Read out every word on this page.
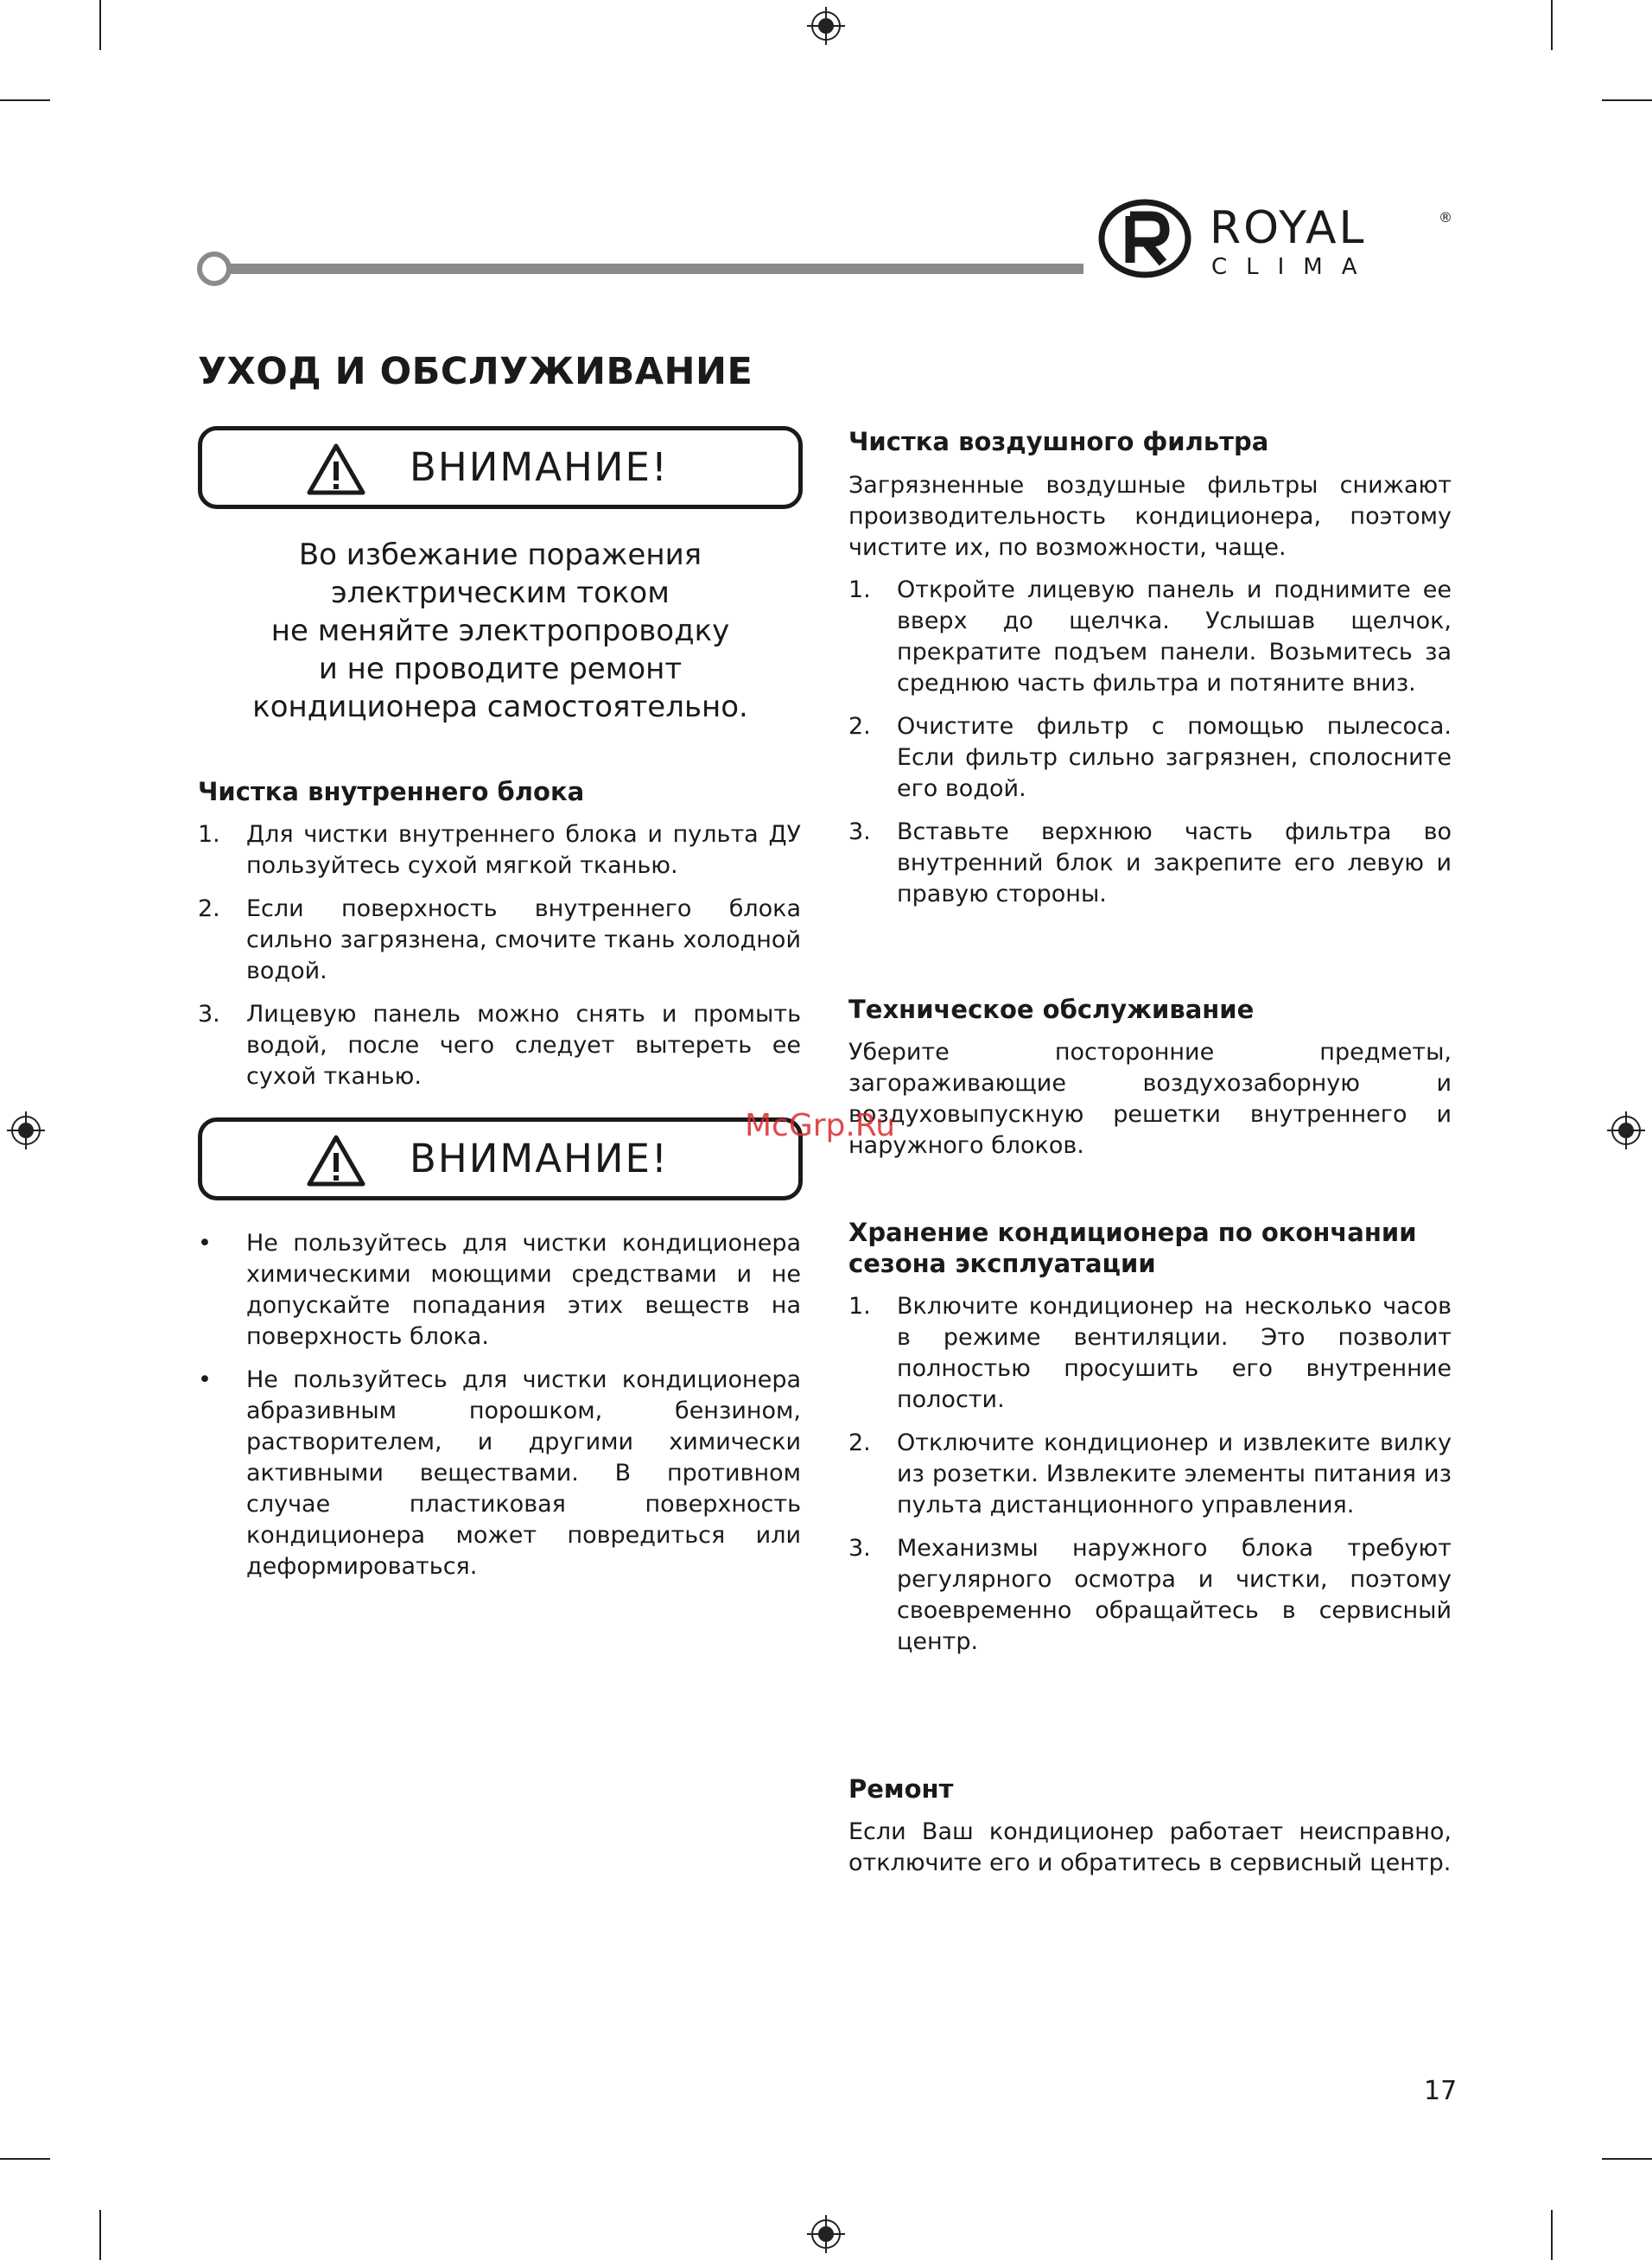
ROYAL	®
CLIMA
УХОД И ОБСЛУЖИВАНИЕ
ВНИМАНИЕ!
Во избежание поражения
электрическим током
не меняйте электропроводку
и не проводите ремонт
кондиционера самостоятельно.
Чистка внутреннего блока
1. Для чистки внутреннего блока и пульта ДУ пользуйтесь сухой мягкой тканью.
2. Если поверхность внутреннего блока сильно загрязнена, смочите ткань холодной водой.
3. Лицевую панель можно снять и промыть водой, после чего следует вытереть ее сухой тканью.
ВНИМАНИЕ!
• Не пользуйтесь для чистки кондиционера химическими моющими средствами и не допускайте попадания этих веществ на поверхность блока.
• Не пользуйтесь для чистки кондиционера абразивным порошком, бензином, растворителем, и другими химически активными веществами. В противном случае пластиковая поверхность кондиционера может повредиться или деформироваться.
Чистка воздушного фильтра
Загрязненные воздушные фильтры снижают производительность кондиционера, поэтому чистите их, по возможности, чаще.
1. Откройте лицевую панель и поднимите ее вверх до щелчка. Услышав щелчок, прекратите подъем панели. Возьмитесь за среднюю часть фильтра и потяните вниз.
2. Очистите фильтр с помощью пылесоса. Если фильтр сильно загрязнен, сполосните его водой.
3. Вставьте верхнюю часть фильтра во внутренний блок и закрепите его левую и правую стороны.
Техническое обслуживание
Уберите посторонние предметы, загораживающие воздухозаборную и воздуховыпускную решетки внутреннего и наружного блоков.
Хранение кондиционера по окончании
сезона эксплуатации
1. Включите кондиционер на несколько часов в режиме вентиляции. Это позволит полностью просушить его внутренние полости.
2. Отключите кондиционер и извлеките вилку из розетки. Извлеките элементы питания из пульта дистанционного управления.
3. Механизмы наружного блока требуют регулярного осмотра и чистки, поэтому своевременно обращайтесь в сервисный центр.
Ремонт
Если Ваш кондиционер работает неисправно, отключите его и обратитесь в сервисный центр.
McGrp.Ru
17
